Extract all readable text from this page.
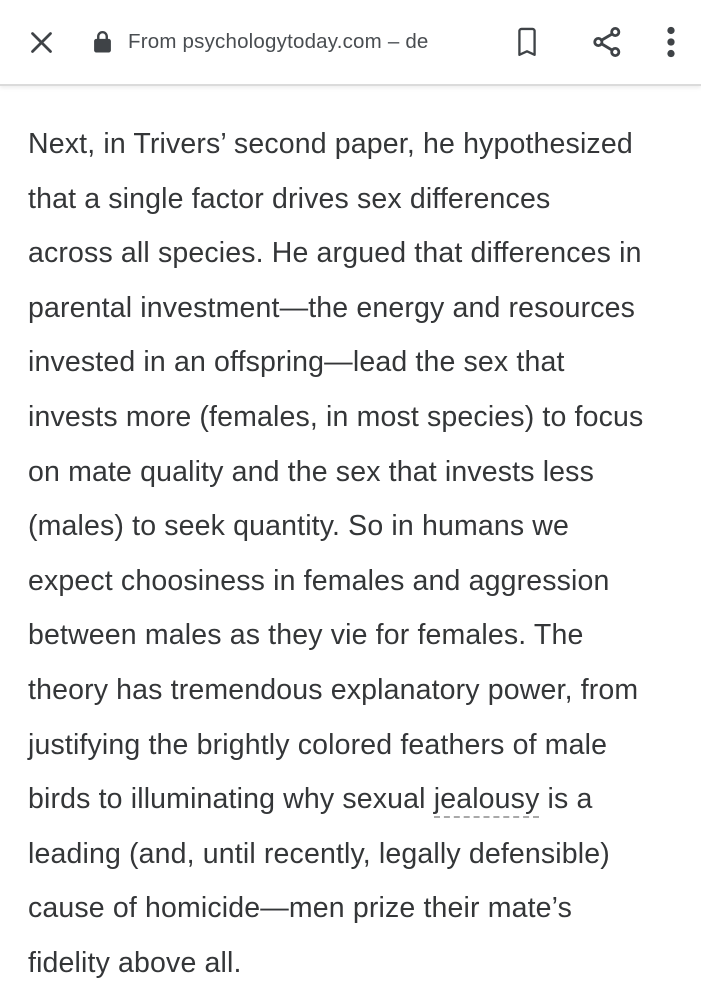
From psychologytoday.com – de
Next, in Trivers’ second paper, he hypothesized
that a single factor drives sex differences
across all species. He argued that differences in
parental investment—the energy and resources
invested in an offspring—lead the sex that
invests more (females, in most species) to focus
on mate quality and the sex that invests less
(males) to seek quantity. So in humans we
expect choosiness in females and aggression
between males as they vie for females. The
theory has tremendous explanatory power, from
justifying the brightly colored feathers of male
birds to illuminating why sexual jealousy is a
leading (and, until recently, legally defensible)
cause of homicide—men prize their mate’s
fidelity above all.
